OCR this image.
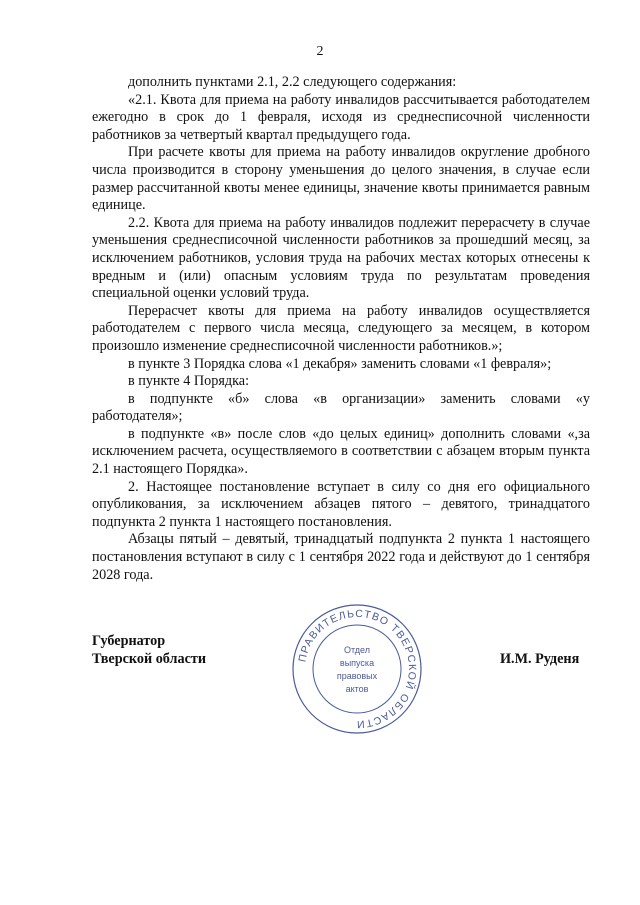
2

дополнить пунктами 2.1, 2.2 следующего содержания:

«2.1. Квота для приема на работу инвалидов рассчитывается работодателем ежегодно в срок до 1 февраля, исходя из среднесписочной численности работников за четвертый квартал предыдущего года.

При расчете квоты для приема на работу инвалидов округление дробного числа производится в сторону уменьшения до целого значения, в случае если размер рассчитанной квоты менее единицы, значение квоты принимается равным единице.

2.2. Квота для приема на работу инвалидов подлежит перерасчету в случае уменьшения среднесписочной численности работников за прошедший месяц, за исключением работников, условия труда на рабочих местах которых отнесены к вредным и (или) опасным условиям труда по результатам проведения специальной оценки условий труда.

Перерасчет квоты для приема на работу инвалидов осуществляется работодателем с первого числа месяца, следующего за месяцем, в котором произошло изменение среднесписочной численности работников.»;

в пункте 3 Порядка слова «1 декабря» заменить словами «1 февраля»;

в пункте 4 Порядка:

в подпункте «б» слова «в организации» заменить словами «у работодателя»;

в подпункте «в» после слов «до целых единиц» дополнить словами «,за исключением расчета, осуществляемого в соответствии с абзацем вторым пункта 2.1 настоящего Порядка».

2. Настоящее постановление вступает в силу со дня его официального опубликования, за исключением абзацев пятого – девятого, тринадцатого подпункта 2 пункта 1 настоящего постановления.

Абзацы пятый – девятый, тринадцатый подпункта 2 пункта 1 настоящего постановления вступают в силу с 1 сентября 2022 года и действуют до 1 сентября 2028 года.

Губернатор
Тверской области	И.М. Руденя
ПРАВИТЕЛЬСТВО ТВЕРСКОЙ ОБЛАСТИ
Отдел
выпуска
правовых
актов
